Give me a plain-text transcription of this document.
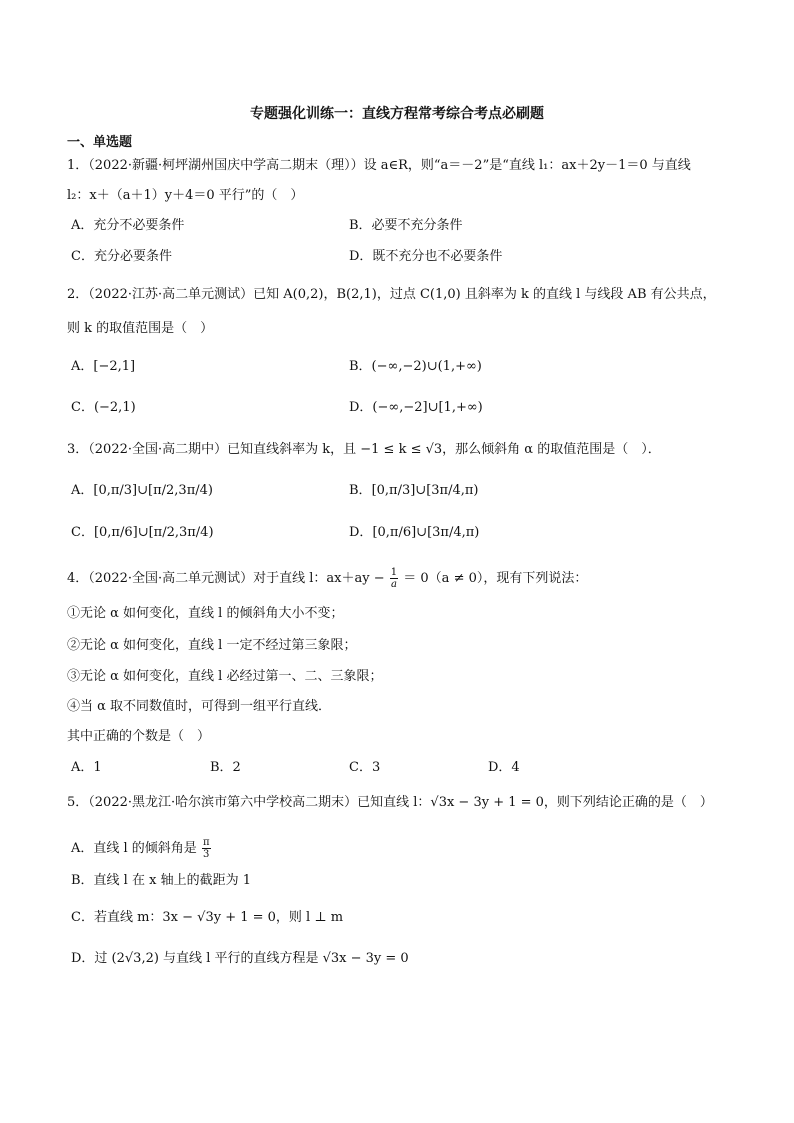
专题强化训练一：直线方程常考综合考点必刷题
一、单选题
1．（2022·新疆·柯坪湖州国庆中学高二期末（理））设 a∈R，则“a＝－2”是“直线 l₁：ax＋2y－1＝0 与直线
l₂：x＋（a＋1）y＋4＝0 平行”的（　）
A．充分不必要条件	B．必要不充分条件
C．充分必要条件	D．既不充分也不必要条件
2．（2022·江苏·高二单元测试）已知 A(0,2)，B(2,1)，过点 C(1,0) 且斜率为 k 的直线 l 与线段 AB 有公共点，
则 k 的取值范围是（　）
A．[−2,1]	B．(−∞,−2)∪(1,+∞)
C．(−2,1)	D．(−∞,−2]∪[1,+∞)
3．（2022·全国·高二期中）已知直线斜率为 k，且 −1 ≤ k ≤ √3，那么倾斜角 α 的取值范围是（　）．
A．[0,π/3]∪[π/2,3π/4)	B．[0,π/3]∪[3π/4,π)
C．[0,π/6]∪[π/2,3π/4)	D．[0,π/6]∪[3π/4,π)
4．（2022·全国·高二单元测试）对于直线 l：$ax+ay - \frac{1}{a} = 0(a \ne 0)$，现有下列说法：
①无论 α 如何变化，直线 l 的倾斜角大小不变；
②无论 α 如何变化，直线 l 一定不经过第三象限；
③无论 α 如何变化，直线 l 必经过第一、二、三象限；
④当 α 取不同数值时，可得到一组平行直线．
其中正确的个数是（　）
A．1	B．2	C．3	D．4
5．（2022·黑龙江·哈尔滨市第六中学校高二期末）已知直线 l：√3x − 3y + 1 = 0，则下列结论正确的是（　）
A．直线 l 的倾斜角是 $\frac{\pi}{3}$
B．直线 l 在 x 轴上的截距为 1
C．若直线 m：3x − √3y + 1 = 0，则 l ⊥ m
D．过 (2√3,2) 与直线 l 平行的直线方程是 √3x − 3y = 0
